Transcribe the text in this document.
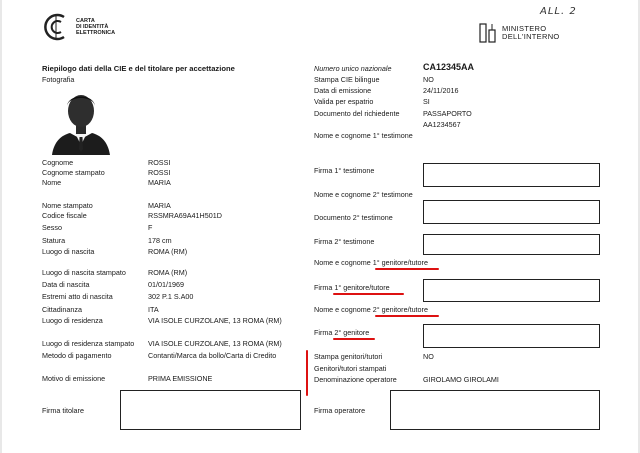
CARTA
DI IDENTITÀ
ELETTRONICA
ALL. 2
MINISTERO
DELL'INTERNO
Riepilogo dati della CIE e del titolare per accettazione
Fotografia
Cognome	ROSSI
Cognome stampato	ROSSI
Nome	MARIA
Nome stampato	MARIA
Codice fiscale	RSSMRA69A41H501D
Sesso	F
Statura	178 cm
Luogo di nascita	ROMA (RM)
Luogo di nascita stampato	ROMA (RM)
Data di nascita	01/01/1969
Estremi atto di nascita	302 P.1 S.A00
Cittadinanza	ITA
Luogo di residenza	VIA ISOLE CURZOLANE, 13 ROMA (RM)
Luogo di residenza stampato VIA ISOLE CURZOLANE, 13 ROMA (RM)
Metodo di pagamento	Contanti/Marca da bollo/Carta di Credito
Motivo di emissione	PRIMA EMISSIONE
Firma titolare
Numero unico nazionale	CA12345AA
Stampa CIE bilingue	NO
Data di emissione	24/11/2016
Valida per espatrio	SI
Documento del richiedente	PASSAPORTO
AA1234567
Nome e cognome 1° testimone
Firma 1° testimone
Nome e cognome 2° testimone
Documento 2° testimone
Firma 2° testimone
Nome e cognome 1° genitore/tutore
Firma 1° genitore/tutore
Nome e cognome 2° genitore/tutore
Firma 2° genitore
Stampa genitori/tutori	NO
Genitori/tutori stampati
Denominazione operatore	GIROLAMO GIROLAMI
Firma operatore
